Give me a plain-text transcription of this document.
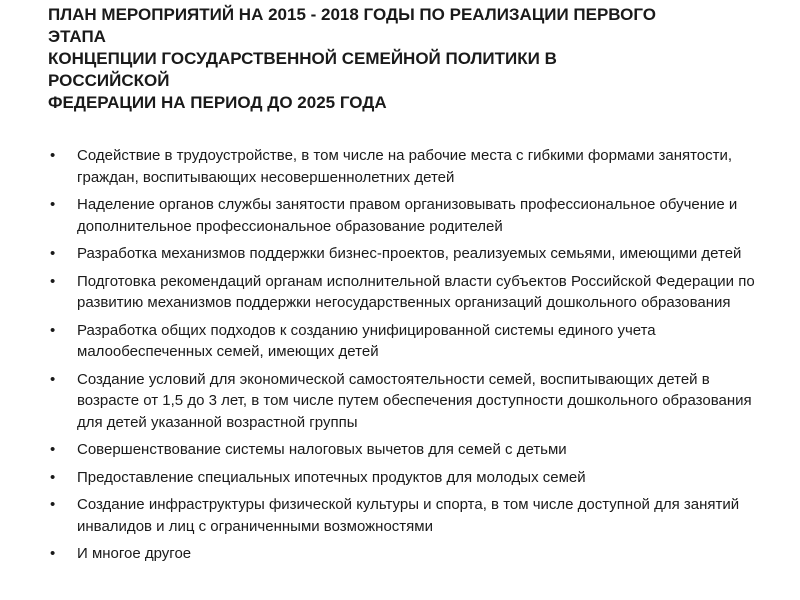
ПЛАН МЕРОПРИЯТИЙ НА 2015 - 2018 ГОДЫ ПО РЕАЛИЗАЦИИ ПЕРВОГО
ЭТАПА
КОНЦЕПЦИИ ГОСУДАРСТВЕННОЙ СЕМЕЙНОЙ ПОЛИТИКИ В
РОССИЙСКОЙ
ФЕДЕРАЦИИ НА ПЕРИОД ДО 2025 ГОДА
• Содействие в трудоустройстве, в том числе на рабочие места с гибкими формами занятости, граждан, воспитывающих несовершеннолетних детей
• Наделение органов службы занятости правом организовывать профессиональное обучение и дополнительное профессиональное образование родителей
• Разработка механизмов поддержки бизнес-проектов, реализуемых семьями, имеющими детей
• Подготовка рекомендаций органам исполнительной власти субъектов Российской Федерации по развитию механизмов поддержки негосударственных организаций дошкольного образования
• Разработка общих подходов к созданию унифицированной системы единого учета малообеспеченных семей, имеющих детей
• Создание условий для экономической самостоятельности семей, воспитывающих детей в возрасте от 1,5 до 3 лет, в том числе путем обеспечения доступности дошкольного образования для детей указанной возрастной группы
• Совершенствование системы налоговых вычетов для семей с детьми
• Предоставление специальных ипотечных продуктов для молодых семей
• Создание инфраструктуры физической культуры и спорта, в том числе доступной для занятий инвалидов и лиц с ограниченными возможностями
• И многое другое
